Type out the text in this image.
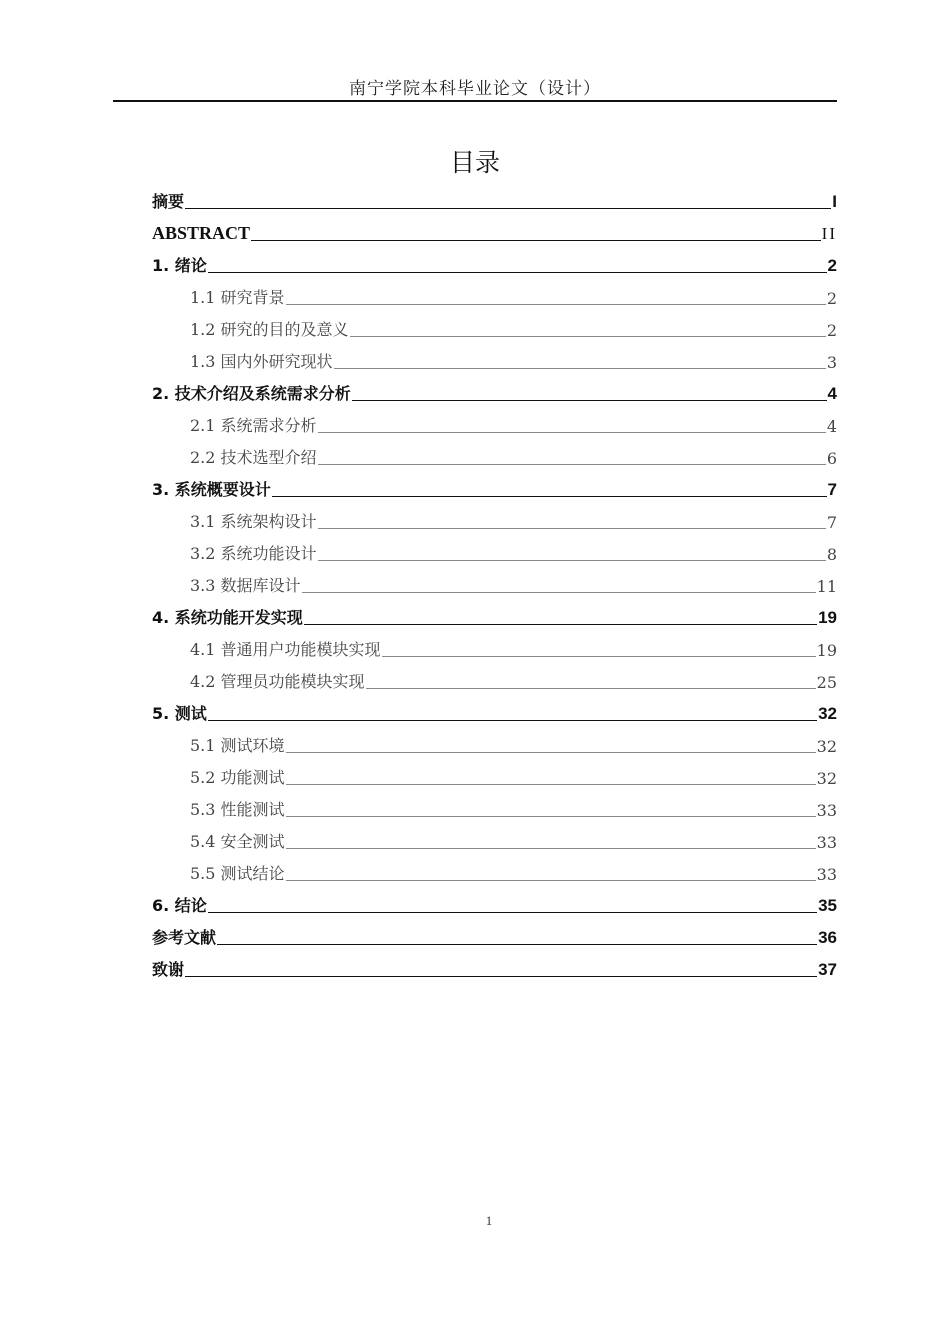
南宁学院本科毕业论文（设计）
目录
摘要	I
ABSTRACT	II
1. 绪论	2
1.1 研究背景	2
1.2 研究的目的及意义	2
1.3 国内外研究现状	3
2. 技术介绍及系统需求分析	4
2.1 系统需求分析	4
2.2 技术选型介绍	6
3. 系统概要设计	7
3.1 系统架构设计	7
3.2 系统功能设计	8
3.3 数据库设计	11
4. 系统功能开发实现	19
4.1 普通用户功能模块实现	19
4.2 管理员功能模块实现	25
5. 测试	32
5.1 测试环境	32
5.2 功能测试	32
5.3 性能测试	33
5.4 安全测试	33
5.5 测试结论	33
6. 结论	35
参考文献	36
致谢	37
1
